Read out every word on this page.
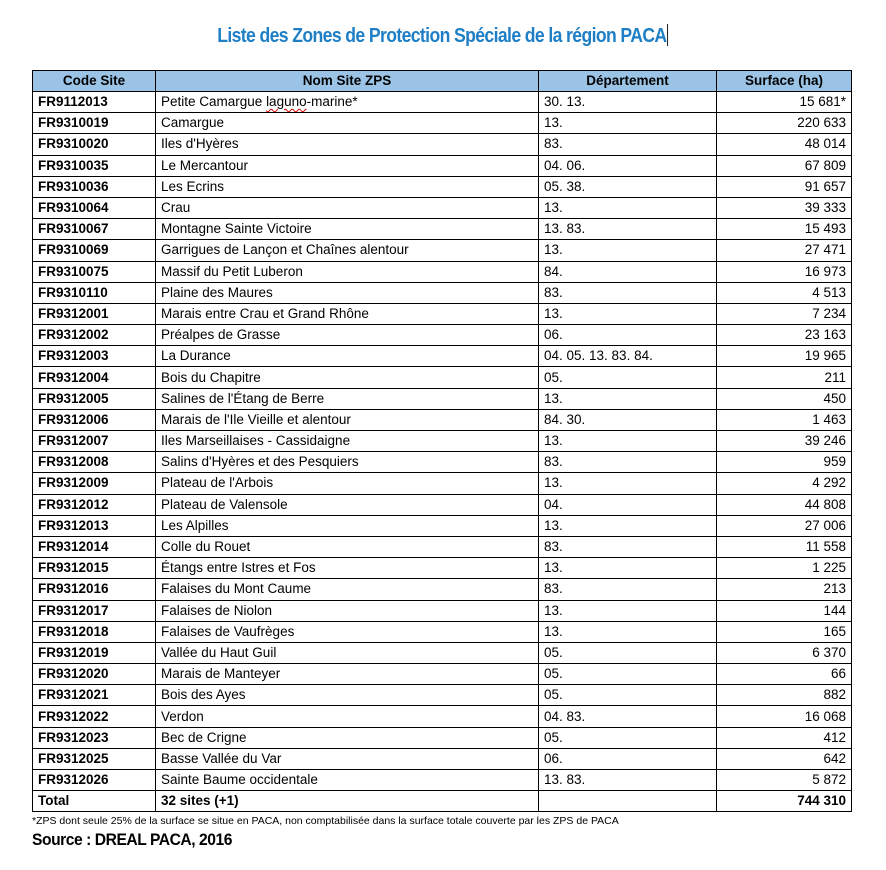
Liste des Zones de Protection Spéciale de la région PACA
Code Site	Nom Site ZPS	Département	Surface (ha)
FR9112013	Petite Camargue laguno-marine*	30. 13.	15 681*
FR9310019	Camargue	13.	220 633
FR9310020	Iles d'Hyères	83.	48 014
FR9310035	Le Mercantour	04. 06.	67 809
FR9310036	Les Ecrins	05. 38.	91 657
FR9310064	Crau	13.	39 333
FR9310067	Montagne Sainte Victoire	13. 83.	15 493
FR9310069	Garrigues de Lançon et Chaînes alentour	13.	27 471
FR9310075	Massif du Petit Luberon	84.	16 973
FR9310110	Plaine des Maures	83.	4 513
FR9312001	Marais entre Crau et Grand Rhône	13.	7 234
FR9312002	Préalpes de Grasse	06.	23 163
FR9312003	La Durance	04. 05. 13. 83. 84.	19 965
FR9312004	Bois du Chapitre	05.	211
FR9312005	Salines de l'Étang de Berre	13.	450
FR9312006	Marais de l'Ile Vieille et alentour	84. 30.	1 463
FR9312007	Iles Marseillaises - Cassidaigne	13.	39 246
FR9312008	Salins d'Hyères et des Pesquiers	83.	959
FR9312009	Plateau de l'Arbois	13.	4 292
FR9312012	Plateau de Valensole	04.	44 808
FR9312013	Les Alpilles	13.	27 006
FR9312014	Colle du Rouet	83.	11 558
FR9312015	Étangs entre Istres et Fos	13.	1 225
FR9312016	Falaises du Mont Caume	83.	213
FR9312017	Falaises de Niolon	13.	144
FR9312018	Falaises de Vaufrèges	13.	165
FR9312019	Vallée du Haut Guil	05.	6 370
FR9312020	Marais de Manteyer	05.	66
FR9312021	Bois des Ayes	05.	882
FR9312022	Verdon	04. 83.	16 068
FR9312023	Bec de Crigne	05.	412
FR9312025	Basse Vallée du Var	06.	642
FR9312026	Sainte Baume occidentale	13. 83.	5 872
Total	32 sites (+1)		744 310
*ZPS dont seule 25% de la surface se situe en PACA, non comptabilisée dans la surface totale couverte par les ZPS de PACA
Source : DREAL PACA, 2016
